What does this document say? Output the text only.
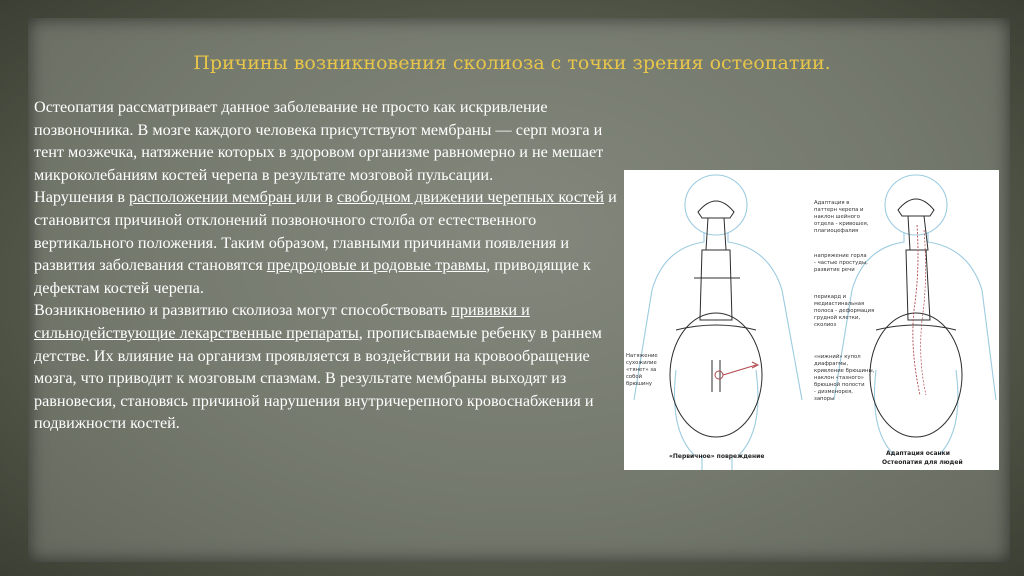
Причины возникновения сколиоза с точки зрения остеопатии.

Остеопатия рассматривает данное заболевание не просто как искривление позвоночника. В мозге каждого человека присутствуют мембраны — серп мозга и тент мозжечка, натяжение которых в здоровом организме равномерно и не мешает микроколебаниям костей черепа в результате мозговой пульсации.

Нарушения в расположении мембран или в свободном движении черепных костей и становится причиной отклонений позвоночного столба от естественного вертикального положения. Таким образом, главными причинами появления и развития заболевания становятся предродовые и родовые травмы, приводящие к дефектам костей черепа.

Возникновению и развитию сколиоза могут способствовать прививки и сильнодействующие лекарственные препараты, прописываемые ребенку в раннем детстве. Их влияние на организм проявляется в воздействии на кровообращение мозга, что приводит к мозговым спазмам. В результате мембраны выходят из равновесия, становясь причиной нарушения внутричерепного кровоснабжения и подвижности костей.

Натяжение
сухожилие
«тянет» за
собой
брюшину
«Первичное» повреждение
Адаптация в
паттерн черепа и
наклон шейного
отдела - кривошея,
плагиоцефалия
напряжение горла
- частые простуды,
развитие речи
перикард и
медиастинальная
полоса - деформация
грудной клетки,
сколиоз
«нижний» купол
диафрагмы,
кривление брюшины,
наклон «тазного»
брюшной полости
- дизменорея,
запоры
Адаптация осанки
Остеопатия для людей
